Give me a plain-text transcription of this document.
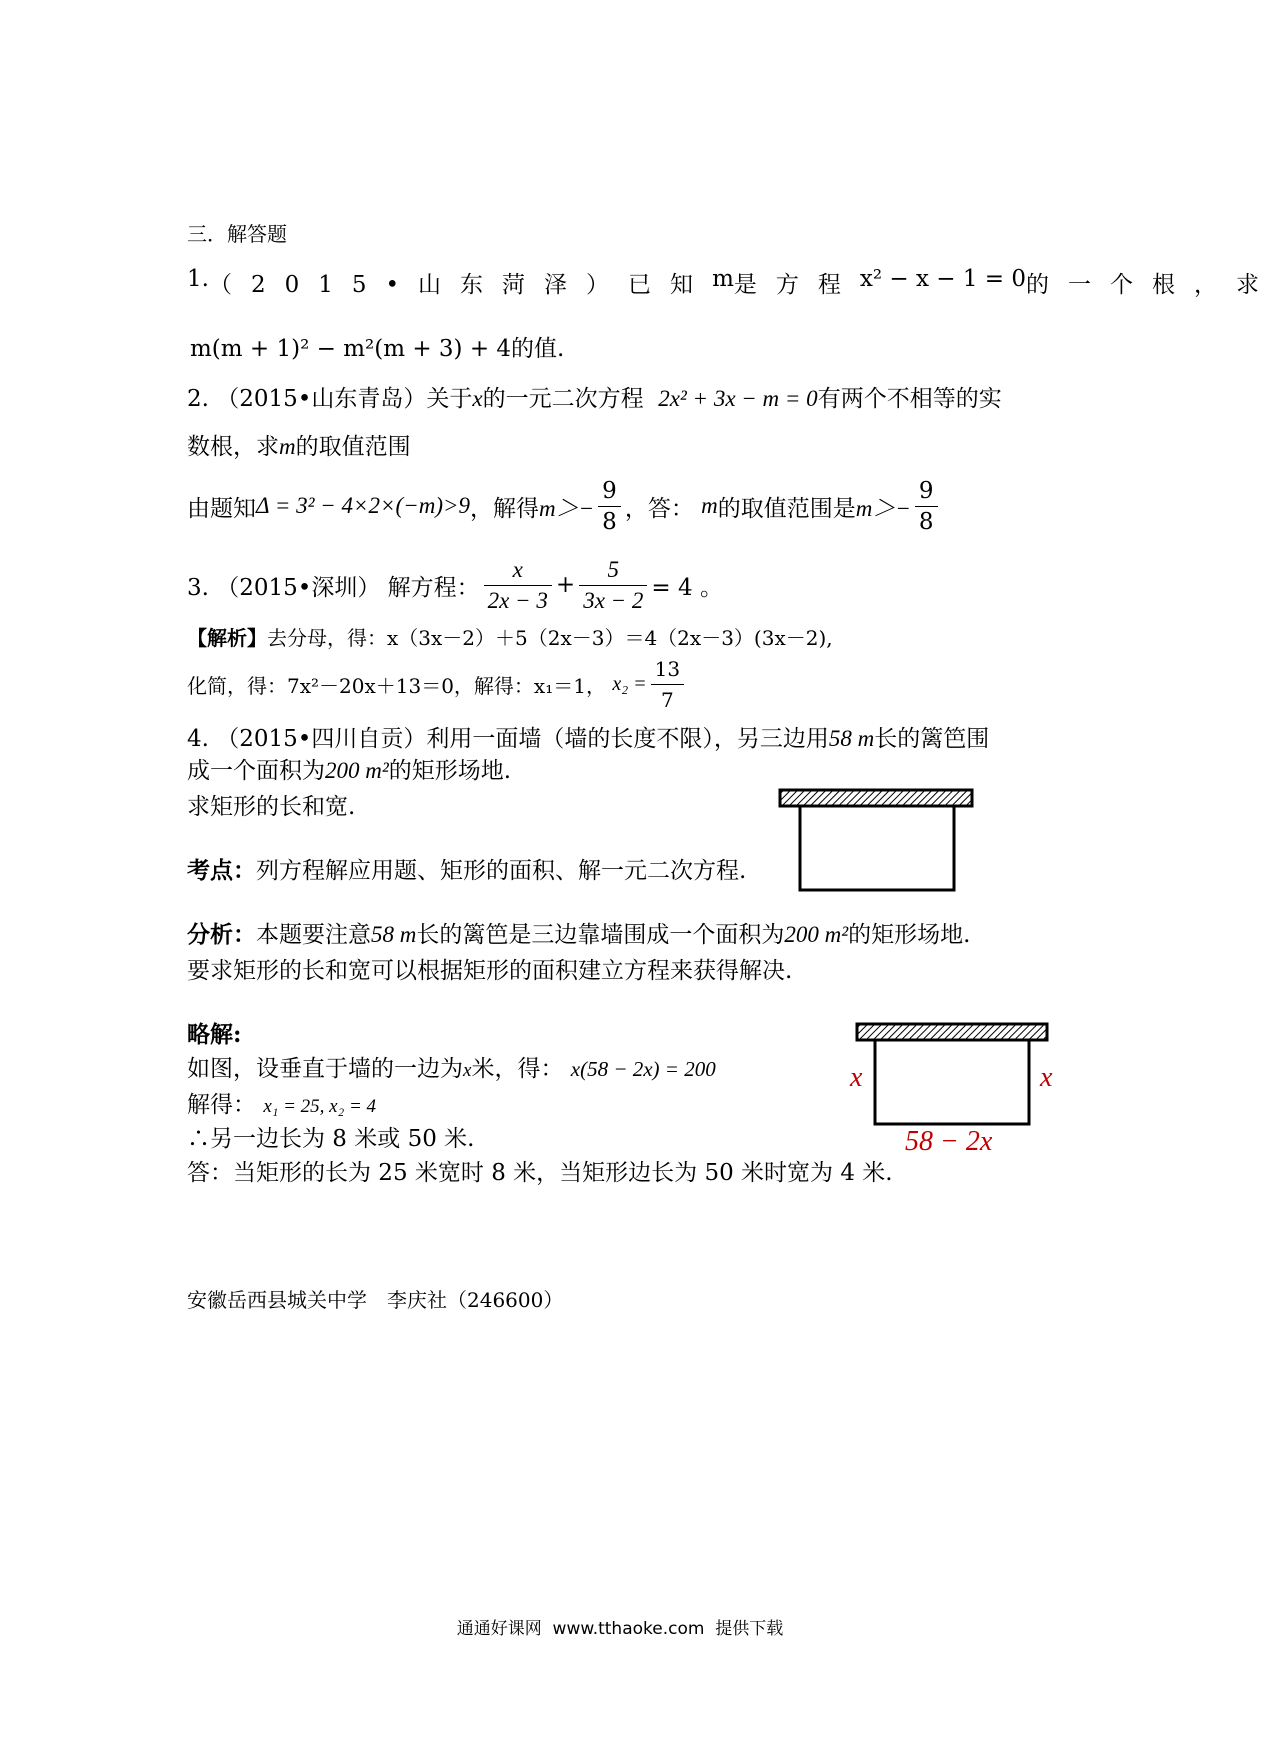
三．解答题
1. （2015•山东菏泽）已知 m 是方程 x² − x − 1 = 0 的一个根，求
m(m + 1)² − m²(m + 3) + 4的值.
2. （2015•山东青岛）关于x的一元二次方程 2x² + 3x − m = 0有两个不相等的实
数根，求m的取值范围
由题知 Δ = 3² − 4×2×(−m)>9 ，解得 $m>- \frac{9}{8}$ ，答：
m 的取值范围是 $m>- \frac{9}{8}$
3. （2015•深圳） 解方程： $\frac{x}{2x - 3} + \frac{5}{3x - 2} = 4$ 。
【解析】去分母，得：x（3x－2）＋5（2x－3）＝4（2x－3）(3x－2),
化简，得：7x²－20x＋13＝0，解得：x₁＝1，
$x_2 = \frac{13}{7}$
4. （2015•四川自贡）利用一面墙（墙的长度不限），另三边用58 m长的篱笆围
成一个面积为200 m²的矩形场地.
求矩形的长和宽.
考点：列方程解应用题、矩形的面积、解一元二次方程.
分析：本题要注意58 m长的篱笆是三边靠墙围成一个面积为200 m²的矩形场地.
要求矩形的长和宽可以根据矩形的面积建立方程来获得解决.
略解:
如图，设垂直于墙的一边为x米，得： x(58 − 2x) = 200
解得： x₁ = 25, x₂ = 4
∴另一边长为 8 米或 50 米.
答：当矩形的长为 25 米宽时 8 米，当矩形边长为 50 米时宽为 4 米.
x	x
58 − 2x
安徽岳西县城关中学　李庆社（246600）
通通好课网  www.tthaoke.com  提供下载
